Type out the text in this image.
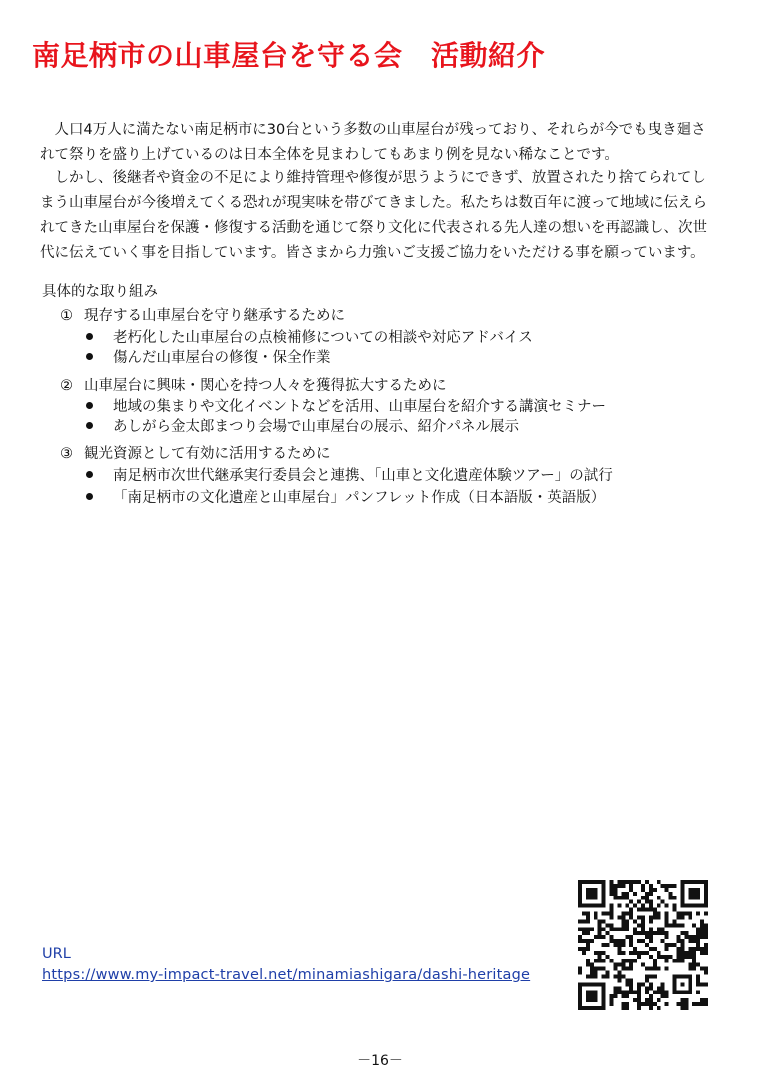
南足柄市の山車屋台を守る会　活動紹介

人口4万人に満たない南足柄市に30台という多数の山車屋台が残っており、それらが今でも曳き廻されて祭りを盛り上げているのは日本全体を見まわしてもあまり例を見ない稀なことです。

しかし、後継者や資金の不足により維持管理や修復が思うようにできず、放置されたり捨てられてしまう山車屋台が今後増えてくる恐れが現実味を帯びてきました。私たちは数百年に渡って地域に伝えられてきた山車屋台を保護・修復する活動を通じて祭り文化に代表される先人達の想いを再認識し、次世代に伝えていく事を目指しています。皆さまから力強いご支援ご協力をいただける事を願っています。

具体的な取り組み
① 現存する山車屋台を守り継承するために
老朽化した山車屋台の点検補修についての相談や対応アドバイス
傷んだ山車屋台の修復・保全作業
② 山車屋台に興味・関心を持つ人々を獲得拡大するために
地域の集まりや文化イベントなどを活用、山車屋台を紹介する講演セミナー
あしがら金太郎まつり会場で山車屋台の展示、紹介パネル展示
③ 観光資源として有効に活用するために
南足柄市次世代継承実行委員会と連携、「山車と文化遺産体験ツアー」の試行
「南足柄市の文化遺産と山車屋台」パンフレット作成（日本語版・英語版）
URL
https://www.my-impact-travel.net/minamiashigara/dashi-heritage
－16－
